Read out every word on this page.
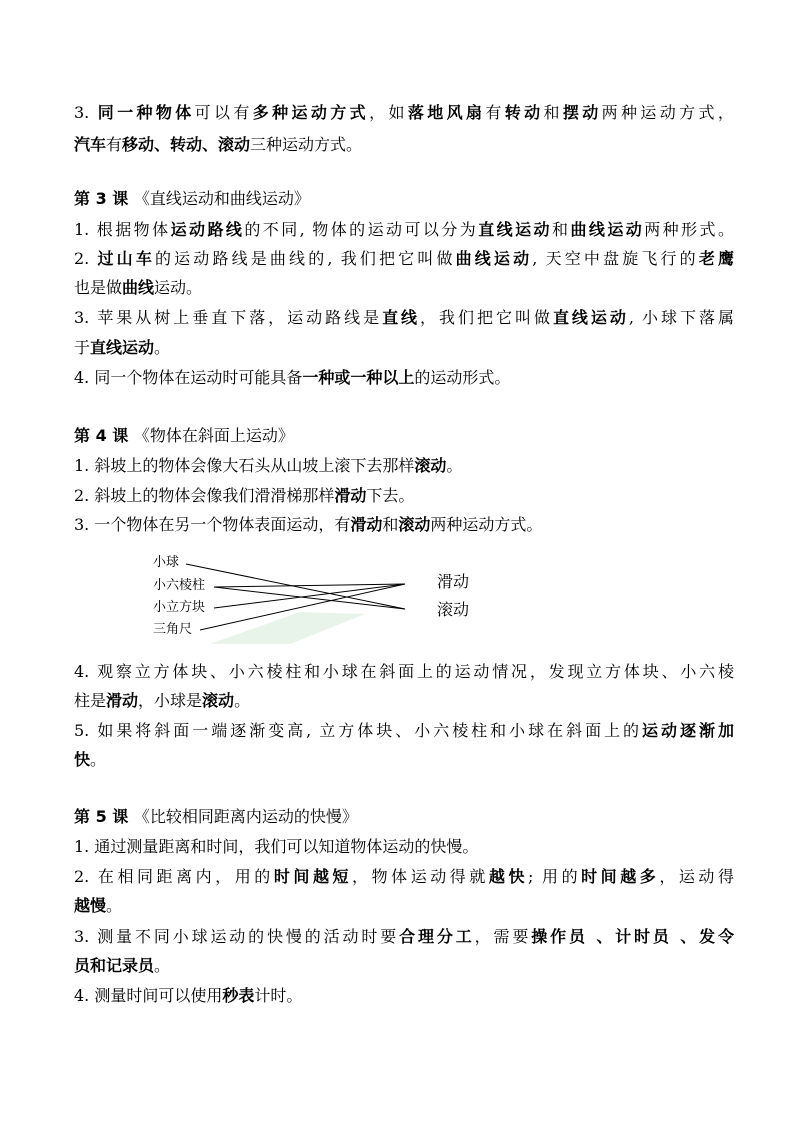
3. 同一种物体可以有多种运动方式，如落地风扇有转动和摆动两种运动方式，
汽车有移动、转动、滚动三种运动方式。
第 3 课 《直线运动和曲线运动》
1. 根据物体运动路线的不同, 物体的运动可以分为直线运动和曲线运动两种形式。
2. 过山车的运动路线是曲线的, 我们把它叫做曲线运动, 天空中盘旋飞行的老鹰
也是做曲线运动。
3. 苹果从树上垂直下落，运动路线是直线，我们把它叫做直线运动, 小球下落属
于直线运动。
4. 同一个物体在运动时可能具备一种或一种以上的运动形式。
第 4 课 《物体在斜面上运动》
1. 斜坡上的物体会像大石头从山坡上滚下去那样滚动。
2. 斜坡上的物体会像我们滑滑梯那样滑动下去。
3. 一个物体在另一个物体表面运动，有滑动和滚动两种运动方式。
小球
小六棱柱
小立方块
三角尺
滑动
滚动
4. 观察立方体块、小六棱柱和小球在斜面上的运动情况，发现立方体块、小六棱
柱是滑动，小球是滚动。
5. 如果将斜面一端逐渐变高, 立方体块、小六棱柱和小球在斜面上的运动逐渐加
快。
第 5 课 《比较相同距离内运动的快慢》
1. 通过测量距离和时间，我们可以知道物体运动的快慢。
2. 在相同距离内，用的时间越短，物体运动得就越快; 用的时间越多，运动得
越慢。
3. 测量不同小球运动的快慢的活动时要合理分工，需要操作员 、计时员 、发令
员和记录员。
4. 测量时间可以使用秒表计时。
